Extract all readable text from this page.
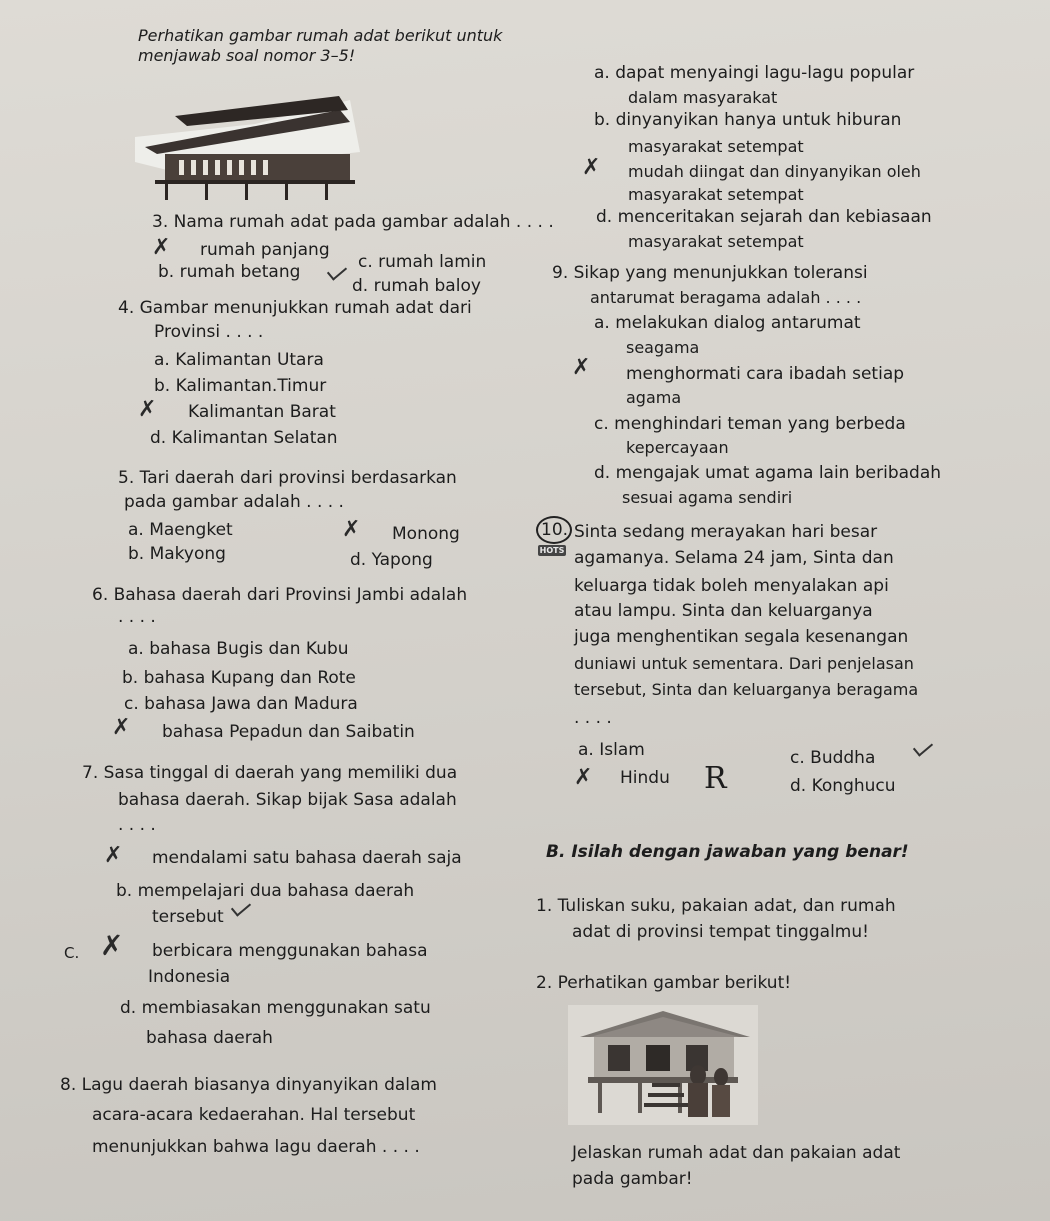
Perhatikan gambar rumah adat berikut untuk
menjawab soal nomor 3–5!
3. Nama rumah adat pada gambar adalah . . . .
✗ rumah panjang
c. rumah lamin
b. rumah betang
d. rumah baloy
4. Gambar menunjukkan rumah adat dari
Provinsi . . . .
a. Kalimantan Utara
b. Kalimantan.Timur
✗ Kalimantan Barat
d. Kalimantan Selatan
5. Tari daerah dari provinsi berdasarkan
pada gambar adalah . . . .
a. Maengket	✗ Monong
b. Makyong	d. Yapong
6. Bahasa daerah dari Provinsi Jambi adalah
. . . .
a. bahasa Bugis dan Kubu
b. bahasa Kupang dan Rote
c. bahasa Jawa dan Madura
✗ bahasa Pepadun dan Saibatin
7. Sasa tinggal di daerah yang memiliki dua
bahasa daerah. Sikap bijak Sasa adalah
. . . .
✗ mendalami satu bahasa daerah saja
b. mempelajari dua bahasa daerah
tersebut
C. ✗ berbicara menggunakan bahasa
Indonesia
d. membiasakan menggunakan satu
bahasa daerah
8. Lagu daerah biasanya dinyanyikan dalam
acara-acara kedaerahan. Hal tersebut
menunjukkan bahwa lagu daerah . . . .
a. dapat menyaingi lagu-lagu popular
dalam masyarakat
b. dinyanyikan hanya untuk hiburan
masyarakat setempat
✗ mudah diingat dan dinyanyikan oleh
masyarakat setempat
d. menceritakan sejarah dan kebiasaan
masyarakat setempat
9. Sikap yang menunjukkan toleransi
antarumat beragama adalah . . . .
a. melakukan dialog antarumat
seagama
✗ menghormati cara ibadah setiap
agama
c. menghindari teman yang berbeda
kepercayaan
d. mengajak umat agama lain beribadah
sesuai agama sendiri
10.
HOTS
Sinta sedang merayakan hari besar
agamanya. Selama 24 jam, Sinta dan
keluarga tidak boleh menyalakan api
atau lampu. Sinta dan keluarganya
juga menghentikan segala kesenangan
duniawi untuk sementara. Dari penjelasan
tersebut, Sinta dan keluarganya beragama
. . . .
a. Islam	c. Buddha
✗ Hindu R	d. Konghucu
B. Isilah dengan jawaban yang benar!
1. Tuliskan suku, pakaian adat, dan rumah
adat di provinsi tempat tinggalmu!
2. Perhatikan gambar berikut!
Jelaskan rumah adat dan pakaian adat
pada gambar!
